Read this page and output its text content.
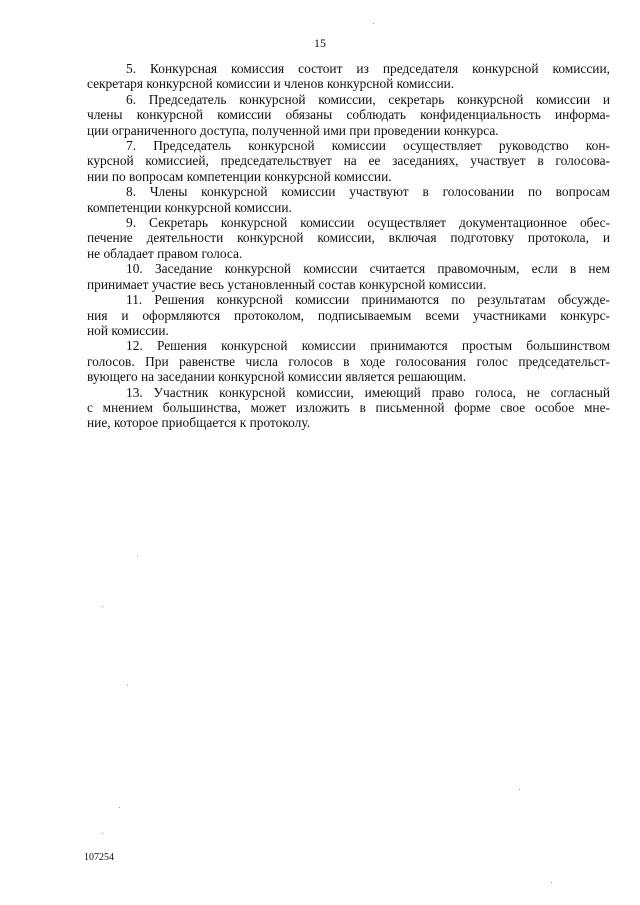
15

5. Конкурсная комиссия состоит из председателя конкурсной комиссии,
секретаря конкурсной комиссии и членов конкурсной комиссии.

6. Председатель конкурсной комиссии, секретарь конкурсной комиссии и
члены конкурсной комиссии обязаны соблюдать конфиденциальность информа-
ции ограниченного доступа, полученной ими при проведении конкурса.

7. Председатель конкурсной комиссии осуществляет руководство кон-
курсной комиссией, председательствует на ее заседаниях, участвует в голосова-
нии по вопросам компетенции конкурсной комиссии.

8. Члены конкурсной комиссии участвуют в голосовании по вопросам
компетенции конкурсной комиссии.

9. Секретарь конкурсной комиссии осуществляет документационное обес-
печение деятельности конкурсной комиссии, включая подготовку протокола, и
не обладает правом голоса.

10. Заседание конкурсной комиссии считается правомочным, если в нем
принимает участие весь установленный состав конкурсной комиссии.

11. Решения конкурсной комиссии принимаются по результатам обсужде-
ния и оформляются протоколом, подписываемым всеми участниками конкурс-
ной комиссии.

12. Решения конкурсной комиссии принимаются простым большинством
голосов. При равенстве числа голосов в ходе голосования голос председательст-
вующего на заседании конкурсной комиссии является решающим.

13. Участник конкурсной комиссии, имеющий право голоса, не согласный
с мнением большинства, может изложить в письменной форме свое особое мне-
ние, которое приобщается к протоколу.

107254
